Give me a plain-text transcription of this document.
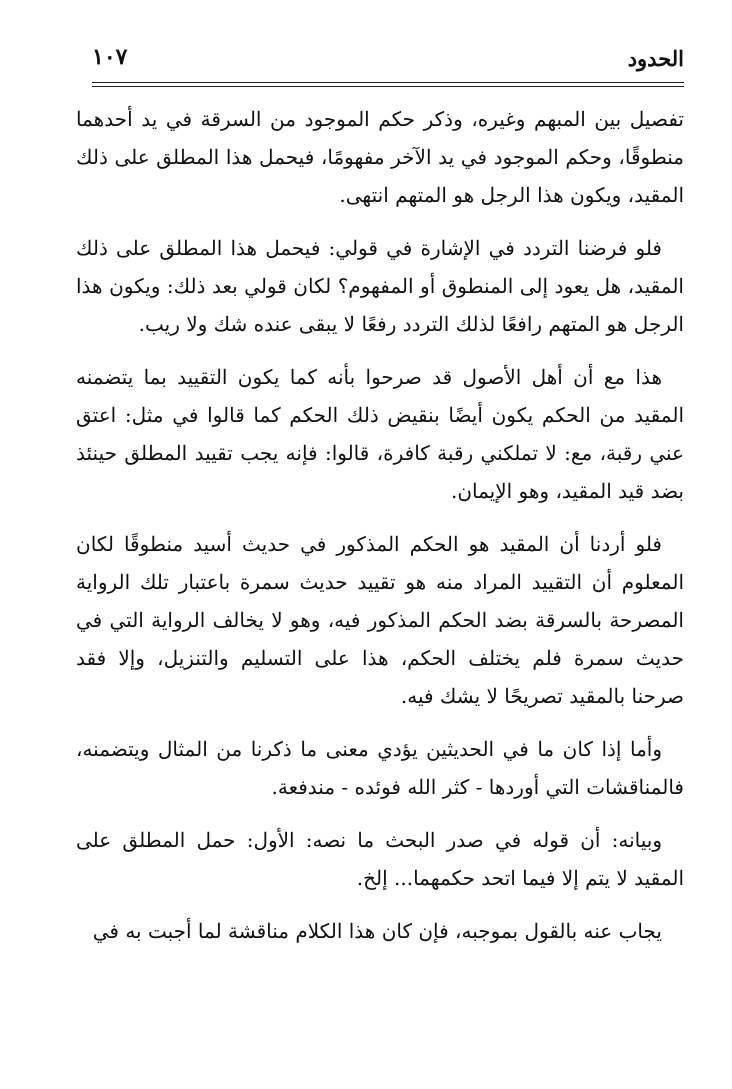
الحدود
١٠٧

تفصيل بين المبهم وغيره، وذكر حكم الموجود من السرقة في يد أحدهما منطوقًا، وحكم الموجود في يد الآخر مفهومًا، فيحمل هذا المطلق على ذلك المقيد، ويكون هذا الرجل هو المتهم انتهى.

فلو فرضنا التردد في الإشارة في قولي: فيحمل هذا المطلق على ذلك المقيد، هل يعود إلى المنطوق أو المفهوم؟ لكان قولي بعد ذلك: ويكون هذا الرجل هو المتهم رافعًا لذلك التردد رفعًا لا يبقى عنده شك ولا ريب.

هذا مع أن أهل الأصول قد صرحوا بأنه كما يكون التقييد بما يتضمنه المقيد من الحكم يكون أيضًا بنقيض ذلك الحكم كما قالوا في مثل: اعتق عني رقبة، مع: لا تملكني رقبة كافرة، قالوا: فإنه يجب تقييد المطلق حينئذ بضد قيد المقيد، وهو الإيمان.

فلو أردنا أن المقيد هو الحكم المذكور في حديث أسيد منطوقًا لكان المعلوم أن التقييد المراد منه هو تقييد حديث سمرة باعتبار تلك الرواية المصرحة بالسرقة بضد الحكم المذكور فيه، وهو لا يخالف الرواية التي في حديث سمرة فلم يختلف الحكم، هذا على التسليم والتنزيل، وإلا فقد صرحنا بالمقيد تصريحًا لا يشك فيه.

وأما إذا كان ما في الحديثين يؤدي معنى ما ذكرنا من المثال ويتضمنه، فالمناقشات التي أوردها - كثر الله فوئده - مندفعة.

وبيانه: أن قوله في صدر البحث ما نصه: الأول: حمل المطلق على المقيد لا يتم إلا فيما اتحد حكمهما... إلخ.

يجاب عنه بالقول بموجبه، فإن كان هذا الكلام مناقشة لما أجبت به في
